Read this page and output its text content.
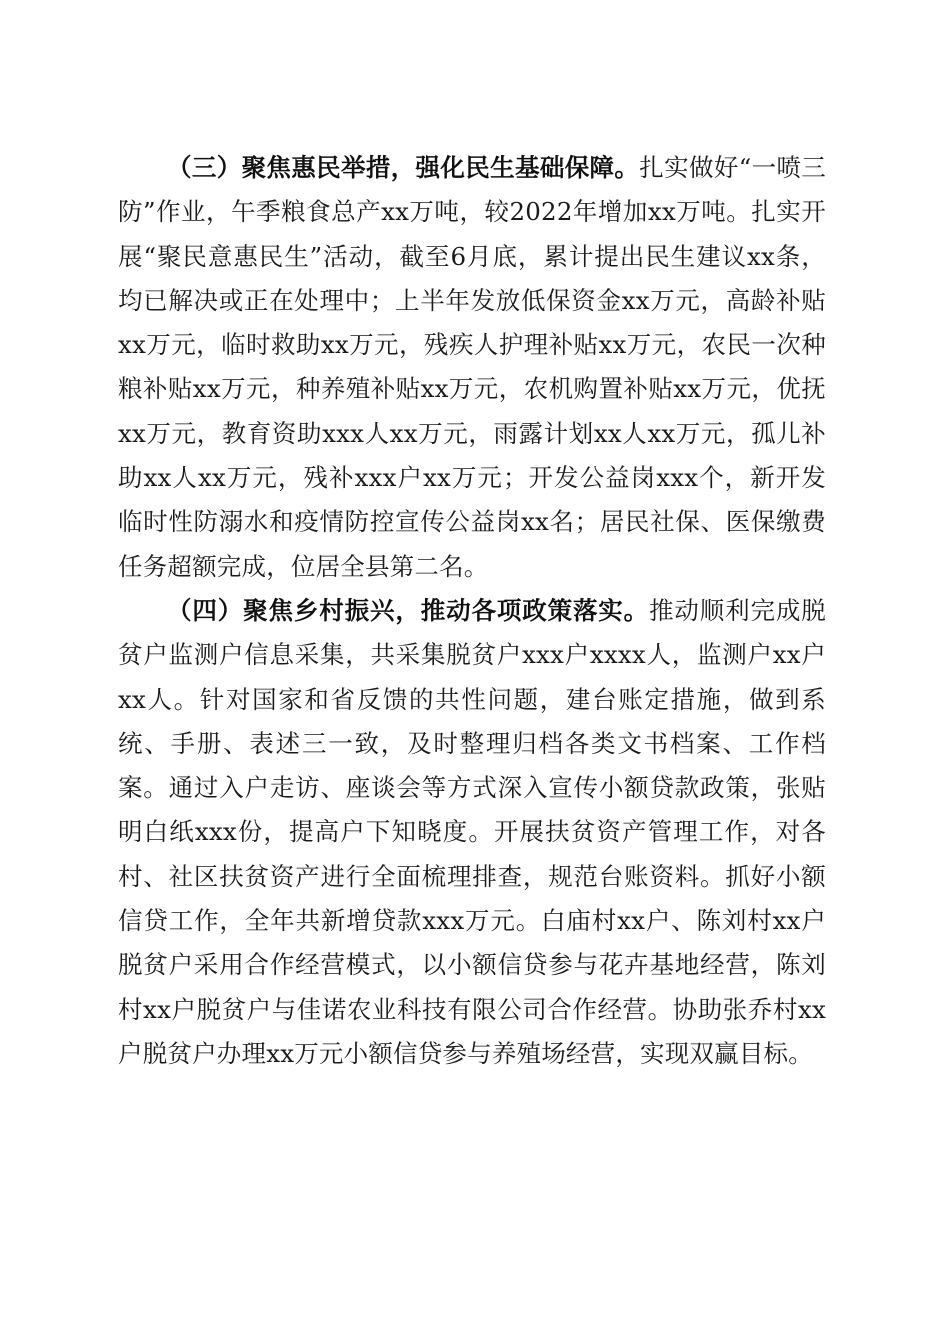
（三）聚焦惠民举措，强化民生基础保障。扎实做好“一喷三防”作业，午季粮食总产xx万吨，较2022年增加xx万吨。扎实开展“聚民意惠民生”活动，截至6月底，累计提出民生建议xx条，均已解决或正在处理中；上半年发放低保资金xx万元，高龄补贴xx万元，临时救助xx万元，残疾人护理补贴xx万元，农民一次种粮补贴xx万元，种养殖补贴xx万元，农机购置补贴xx万元，优抚xx万元，教育资助xxx人xx万元，雨露计划xx人xx万元，孤儿补助xx人xx万元，残补xxx户xx万元；开发公益岗xxx个，新开发临时性防溺水和疫情防控宣传公益岗xx名；居民社保、医保缴费任务超额完成，位居全县第二名。

（四）聚焦乡村振兴，推动各项政策落实。推动顺利完成脱贫户监测户信息采集，共采集脱贫户xxx户xxxx人，监测户xx户xx人。针对国家和省反馈的共性问题，建台账定措施，做到系统、手册、表述三一致，及时整理归档各类文书档案、工作档案。通过入户走访、座谈会等方式深入宣传小额贷款政策，张贴明白纸xxx份，提高户下知晓度。开展扶贫资产管理工作，对各村、社区扶贫资产进行全面梳理排查，规范台账资料。抓好小额信贷工作，全年共新增贷款xxx万元。白庙村xx户、陈刘村xx户脱贫户采用合作经营模式，以小额信贷参与花卉基地经营，陈刘村xx户脱贫户与佳诺农业科技有限公司合作经营。协助张乔村xx户脱贫户办理xx万元小额信贷参与养殖场经营，实现双赢目标。
